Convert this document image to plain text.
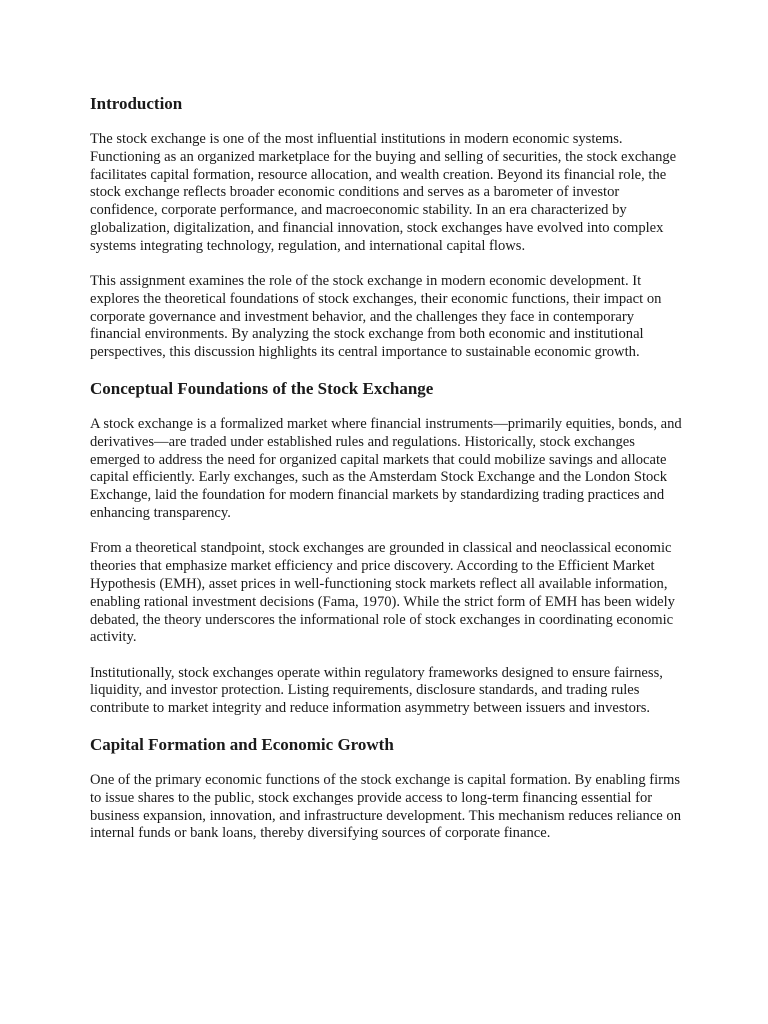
Introduction

The stock exchange is one of the most influential institutions in modern economic systems. Functioning as an organized marketplace for the buying and selling of securities, the stock exchange facilitates capital formation, resource allocation, and wealth creation. Beyond its financial role, the stock exchange reflects broader economic conditions and serves as a barometer of investor confidence, corporate performance, and macroeconomic stability. In an era characterized by globalization, digitalization, and financial innovation, stock exchanges have evolved into complex systems integrating technology, regulation, and international capital flows.

This assignment examines the role of the stock exchange in modern economic development. It explores the theoretical foundations of stock exchanges, their economic functions, their impact on corporate governance and investment behavior, and the challenges they face in contemporary financial environments. By analyzing the stock exchange from both economic and institutional perspectives, this discussion highlights its central importance to sustainable economic growth.

Conceptual Foundations of the Stock Exchange

A stock exchange is a formalized market where financial instruments—primarily equities, bonds, and derivatives—are traded under established rules and regulations. Historically, stock exchanges emerged to address the need for organized capital markets that could mobilize savings and allocate capital efficiently. Early exchanges, such as the Amsterdam Stock Exchange and the London Stock Exchange, laid the foundation for modern financial markets by standardizing trading practices and enhancing transparency.

From a theoretical standpoint, stock exchanges are grounded in classical and neoclassical economic theories that emphasize market efficiency and price discovery. According to the Efficient Market Hypothesis (EMH), asset prices in well-functioning stock markets reflect all available information, enabling rational investment decisions (Fama, 1970). While the strict form of EMH has been widely debated, the theory underscores the informational role of stock exchanges in coordinating economic activity.

Institutionally, stock exchanges operate within regulatory frameworks designed to ensure fairness, liquidity, and investor protection. Listing requirements, disclosure standards, and trading rules contribute to market integrity and reduce information asymmetry between issuers and investors.

Capital Formation and Economic Growth

One of the primary economic functions of the stock exchange is capital formation. By enabling firms to issue shares to the public, stock exchanges provide access to long-term financing essential for business expansion, innovation, and infrastructure development. This mechanism reduces reliance on internal funds or bank loans, thereby diversifying sources of corporate finance.
